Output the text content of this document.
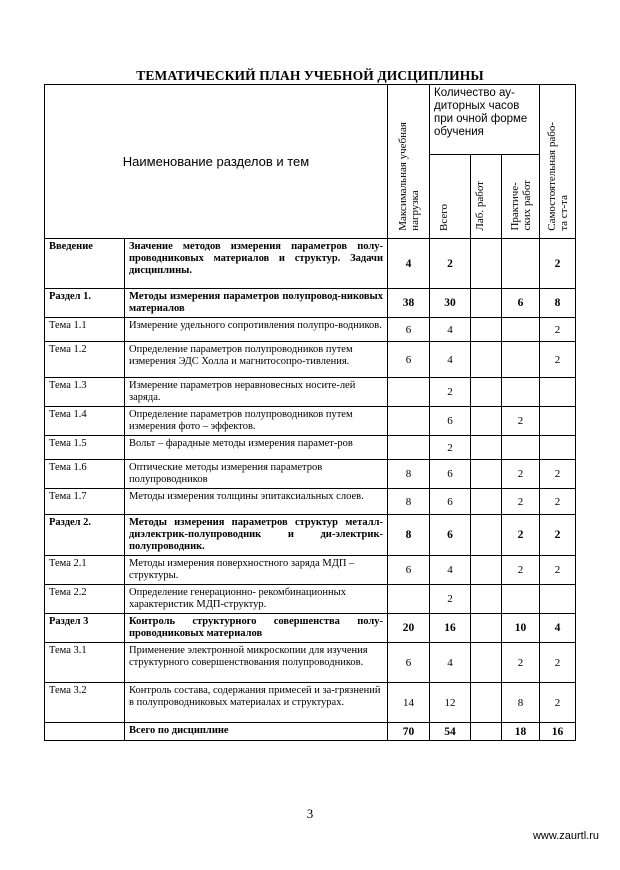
ТЕМАТИЧЕСКИЙ ПЛАН УЧЕБНОЙ ДИСЦИПЛИНЫ
Наименование разделов и тем		Максимальная учебная
нагрузка	Количество ау-
диторных часов
при очной форме
обучения			Самостоятельная рабо-
та ст-та

			Всего	Лаб. работ	Практиче-
ских работ	

Введение	Значение методов измерения параметров полу-проводниковых материалов и структур. Задачи дисциплины.	4	2			2
Раздел 1.	Методы измерения параметров полупровод-никовых материалов	38	30		6	8
Тема 1.1	Измерение удельного сопротивления полупро-водников.	6	4			2
Тема 1.2	Определение параметров полупроводников путем измерения ЭДС Холла и магнитосопро-тивления.	6	4			2
Тема 1.3	Измерение параметров неравновесных носите-лей заряда.		2			
Тема 1.4	Определение параметров полупроводников путем измерения фото – эффектов.		6		2	
Тема 1.5	Вольт – фарадные методы измерения парамет-ров		2			
Тема 1.6	Оптические методы измерения параметров полупроводников	8	6		2	2
Тема 1.7	Методы измерения толщины эпитаксиальных слоев.	8	6		2	2
Раздел 2.	Методы измерения параметров структур металл- диэлектрик-полупроводник и ди-электрик-полупроводник.	8	6		2	2
Тема 2.1	Методы измерения поверхностного заряда МДП – структуры.	6	4		2	2
Тема 2.2	Определение генерационно- рекомбинационных характеристик МДП-структур.		2			
Раздел 3	Контроль структурного совершенства полу-проводниковых материалов	20	16		10	4
Тема 3.1	Применение электронной микроскопии для изучения структурного совершенствования полупроводников.	6	4		2	2
Тема 3.2	Контроль состава, содержания примесей и за-грязнений в полупроводниковых материалах и структурах.	14	12		8	2
	Всего по дисциплине	70	54		18	16
3
www.zaurtl.ru
